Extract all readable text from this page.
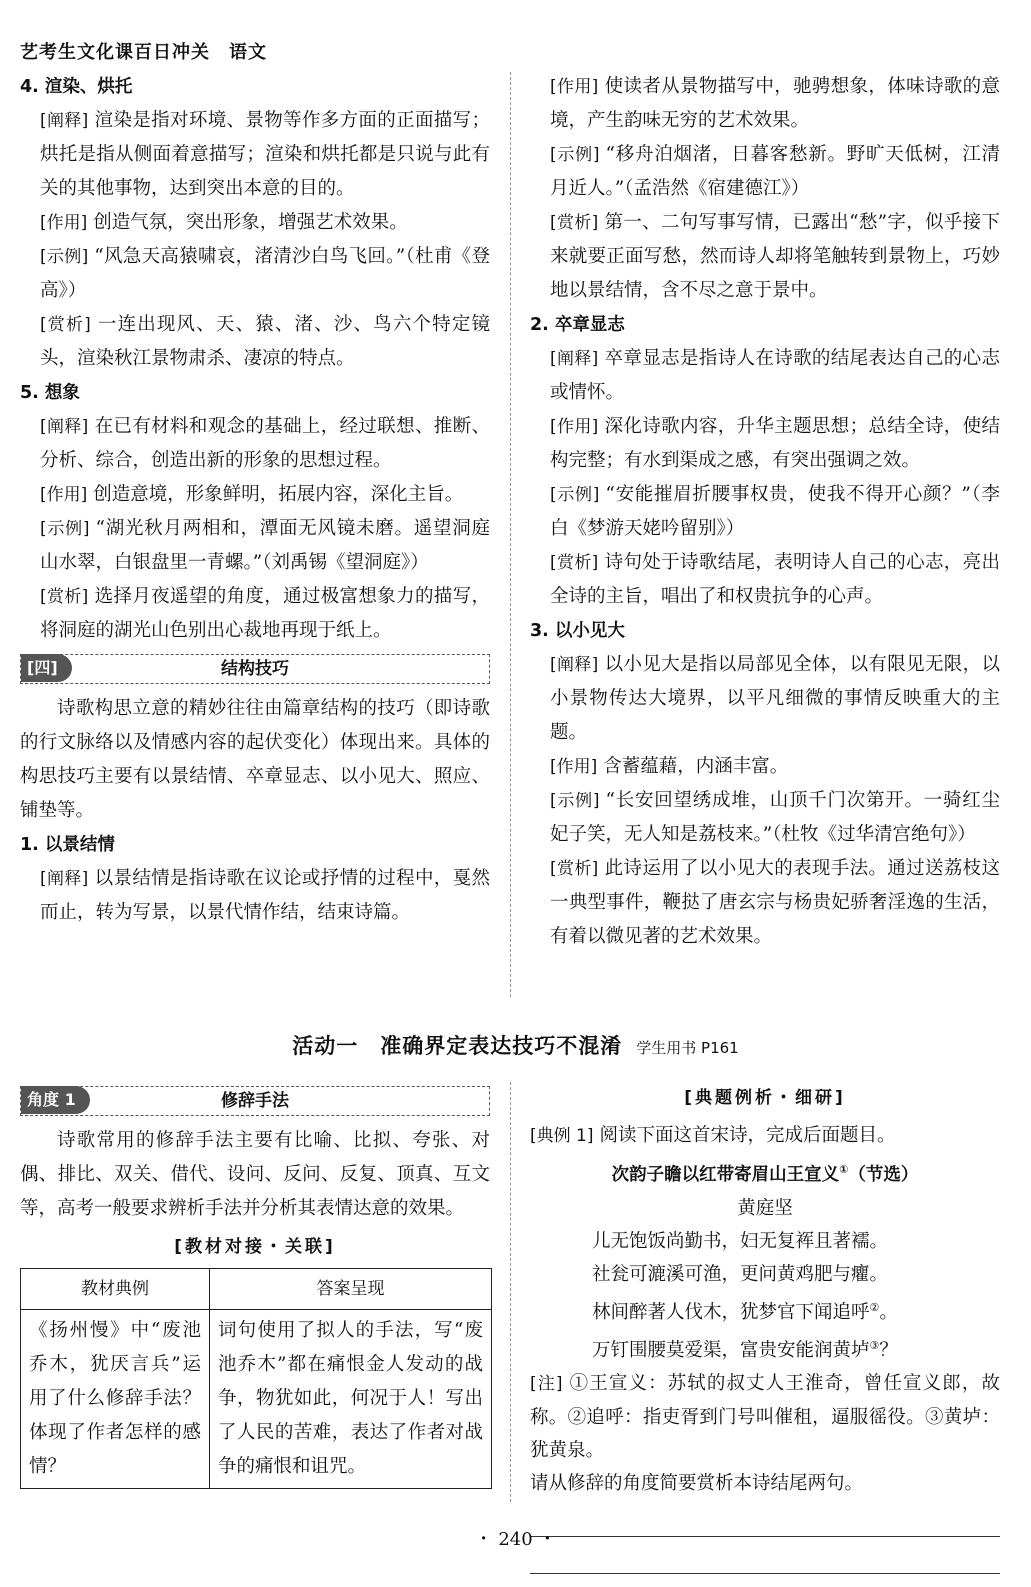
艺考生文化课百日冲关　语文
4. 渲染、烘托
[阐释] 渲染是指对环境、景物等作多方面的正面描写；烘托是指从侧面着意描写；渲染和烘托都是只说与此有关的其他事物，达到突出本意的目的。
[作用] 创造气氛，突出形象，增强艺术效果。
[示例] “风急天高猿啸哀，渚清沙白鸟飞回。”（杜甫《登高》）
[赏析] 一连出现风、天、猿、渚、沙、鸟六个特定镜头，渲染秋江景物肃杀、凄凉的特点。
5. 想象
[阐释] 在已有材料和观念的基础上，经过联想、推断、分析、综合，创造出新的形象的思想过程。
[作用] 创造意境，形象鲜明，拓展内容，深化主旨。
[示例] “湖光秋月两相和，潭面无风镜未磨。遥望洞庭山水翠，白银盘里一青螺。”（刘禹锡《望洞庭》）
[赏析] 选择月夜遥望的角度，通过极富想象力的描写，将洞庭的湖光山色别出心裁地再现于纸上。
结构技巧
[四]
诗歌构思立意的精妙往往由篇章结构的技巧（即诗歌的行文脉络以及情感内容的起伏变化）体现出来。具体的构思技巧主要有以景结情、卒章显志、以小见大、照应、铺垫等。
1. 以景结情
[阐释] 以景结情是指诗歌在议论或抒情的过程中，戛然而止，转为写景，以景代情作结，结束诗篇。
[作用] 使读者从景物描写中，驰骋想象，体味诗歌的意境，产生韵味无穷的艺术效果。
[示例] “移舟泊烟渚，日暮客愁新。野旷天低树，江清月近人。”（孟浩然《宿建德江》）
[赏析] 第一、二句写事写情，已露出“愁”字，似乎接下来就要正面写愁，然而诗人却将笔触转到景物上，巧妙地以景结情，含不尽之意于景中。
2. 卒章显志
[阐释] 卒章显志是指诗人在诗歌的结尾表达自己的心志或情怀。
[作用] 深化诗歌内容，升华主题思想；总结全诗，使结构完整；有水到渠成之感，有突出强调之效。
[示例] “安能摧眉折腰事权贵，使我不得开心颜？”（李白《梦游天姥吟留别》）
[赏析] 诗句处于诗歌结尾，表明诗人自己的心志，亮出全诗的主旨，唱出了和权贵抗争的心声。
3. 以小见大
[阐释] 以小见大是指以局部见全体，以有限见无限，以小景物传达大境界，以平凡细微的事情反映重大的主题。
[作用] 含蓄蕴藉，内涵丰富。
[示例] “长安回望绣成堆，山顶千门次第开。一骑红尘妃子笑，无人知是荔枝来。”（杜牧《过华清宫绝句》）
[赏析] 此诗运用了以小见大的表现手法。通过送荔枝这一典型事件，鞭挞了唐玄宗与杨贵妃骄奢淫逸的生活，有着以微见著的艺术效果。
活动一　准确界定表达技巧不混淆 学生用书 P161
修辞手法
角度 1
诗歌常用的修辞手法主要有比喻、比拟、夸张、对偶、排比、双关、借代、设问、反问、反复、顶真、互文等，高考一般要求辨析手法并分析其表情达意的效果。
[教材对接・关联]
教材典例	答案呈现
《扬州慢》中“废池乔木，犹厌言兵”运用了什么修辞手法？体现了作者怎样的感情？	词句使用了拟人的手法，写“废池乔木”都在痛恨金人发动的战争，物犹如此，何况于人！写出了人民的苦难，表达了作者对战争的痛恨和诅咒。
[典题例析・细研]
[典例 1] 阅读下面这首宋诗，完成后面题目。
次韵子瞻以红带寄眉山王宣义①（节选）
黄庭坚
儿无饱饭尚勤书，妇无复裈且著襦。
社瓮可漉溪可渔，更问黄鸡肥与癯。
林间醉著人伐木，犹梦官下闻追呼②。
万钉围腰莫爱渠，富贵安能润黄垆③？
[注] ①王宣义：苏轼的叔丈人王淮奇，曾任宣义郎，故称。②追呼：指吏胥到门号叫催租，逼服徭役。③黄垆：犹黄泉。
请从修辞的角度简要赏析本诗结尾两句。
・ 240 ・
